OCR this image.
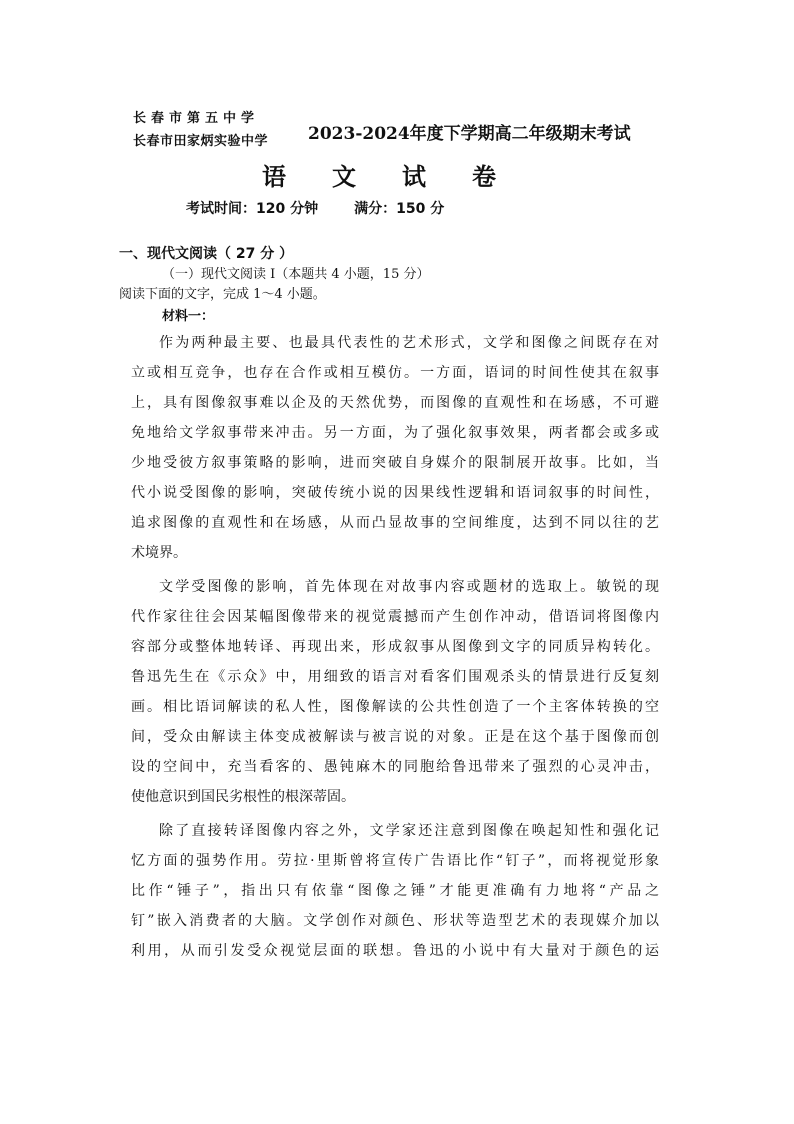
长春市第五中学
长春市田家炳实验中学 2023-2024年度下学期高二年级期末考试
语文试卷
考试时间：120 分钟	满分：150 分
一、现代文阅读（ 27 分 ）
（一）现代文阅读 I（本题共 4 小题，15 分）
阅读下面的文字，完成 1～4 小题。
材料一：
作为两种最主要、也最具代表性的艺术形式，文学和图像之间既存在对
立或相互竞争，也存在合作或相互模仿。一方面，语词的时间性使其在叙事
上，具有图像叙事难以企及的天然优势，而图像的直观性和在场感，不可避
免地给文学叙事带来冲击。另一方面，为了强化叙事效果，两者都会或多或
少地受彼方叙事策略的影响，进而突破自身媒介的限制展开故事。比如，当
代小说受图像的影响，突破传统小说的因果线性逻辑和语词叙事的时间性，
追求图像的直观性和在场感，从而凸显故事的空间维度，达到不同以往的艺
术境界。
文学受图像的影响，首先体现在对故事内容或题材的选取上。敏锐的现
代作家往往会因某幅图像带来的视觉震撼而产生创作冲动，借语词将图像内
容部分或整体地转译、再现出来，形成叙事从图像到文字的同质异构转化。
鲁迅先生在《示众》中，用细致的语言对看客们围观杀头的情景进行反复刻
画。相比语词解读的私人性，图像解读的公共性创造了一个主客体转换的空
间，受众由解读主体变成被解读与被言说的对象。正是在这个基于图像而创
设的空间中，充当看客的、愚钝麻木的同胞给鲁迅带来了强烈的心灵冲击，
使他意识到国民劣根性的根深蒂固。
除了直接转译图像内容之外，文学家还注意到图像在唤起知性和强化记
忆方面的强势作用。劳拉·里斯曾将宣传广告语比作“钉子”，而将视觉形象
比作“锤子”，指出只有依靠“图像之锤”才能更准确有力地将“产品之
钉”嵌入消费者的大脑。文学创作对颜色、形状等造型艺术的表现媒介加以
利用，从而引发受众视觉层面的联想。鲁迅的小说中有大量对于颜色的运
